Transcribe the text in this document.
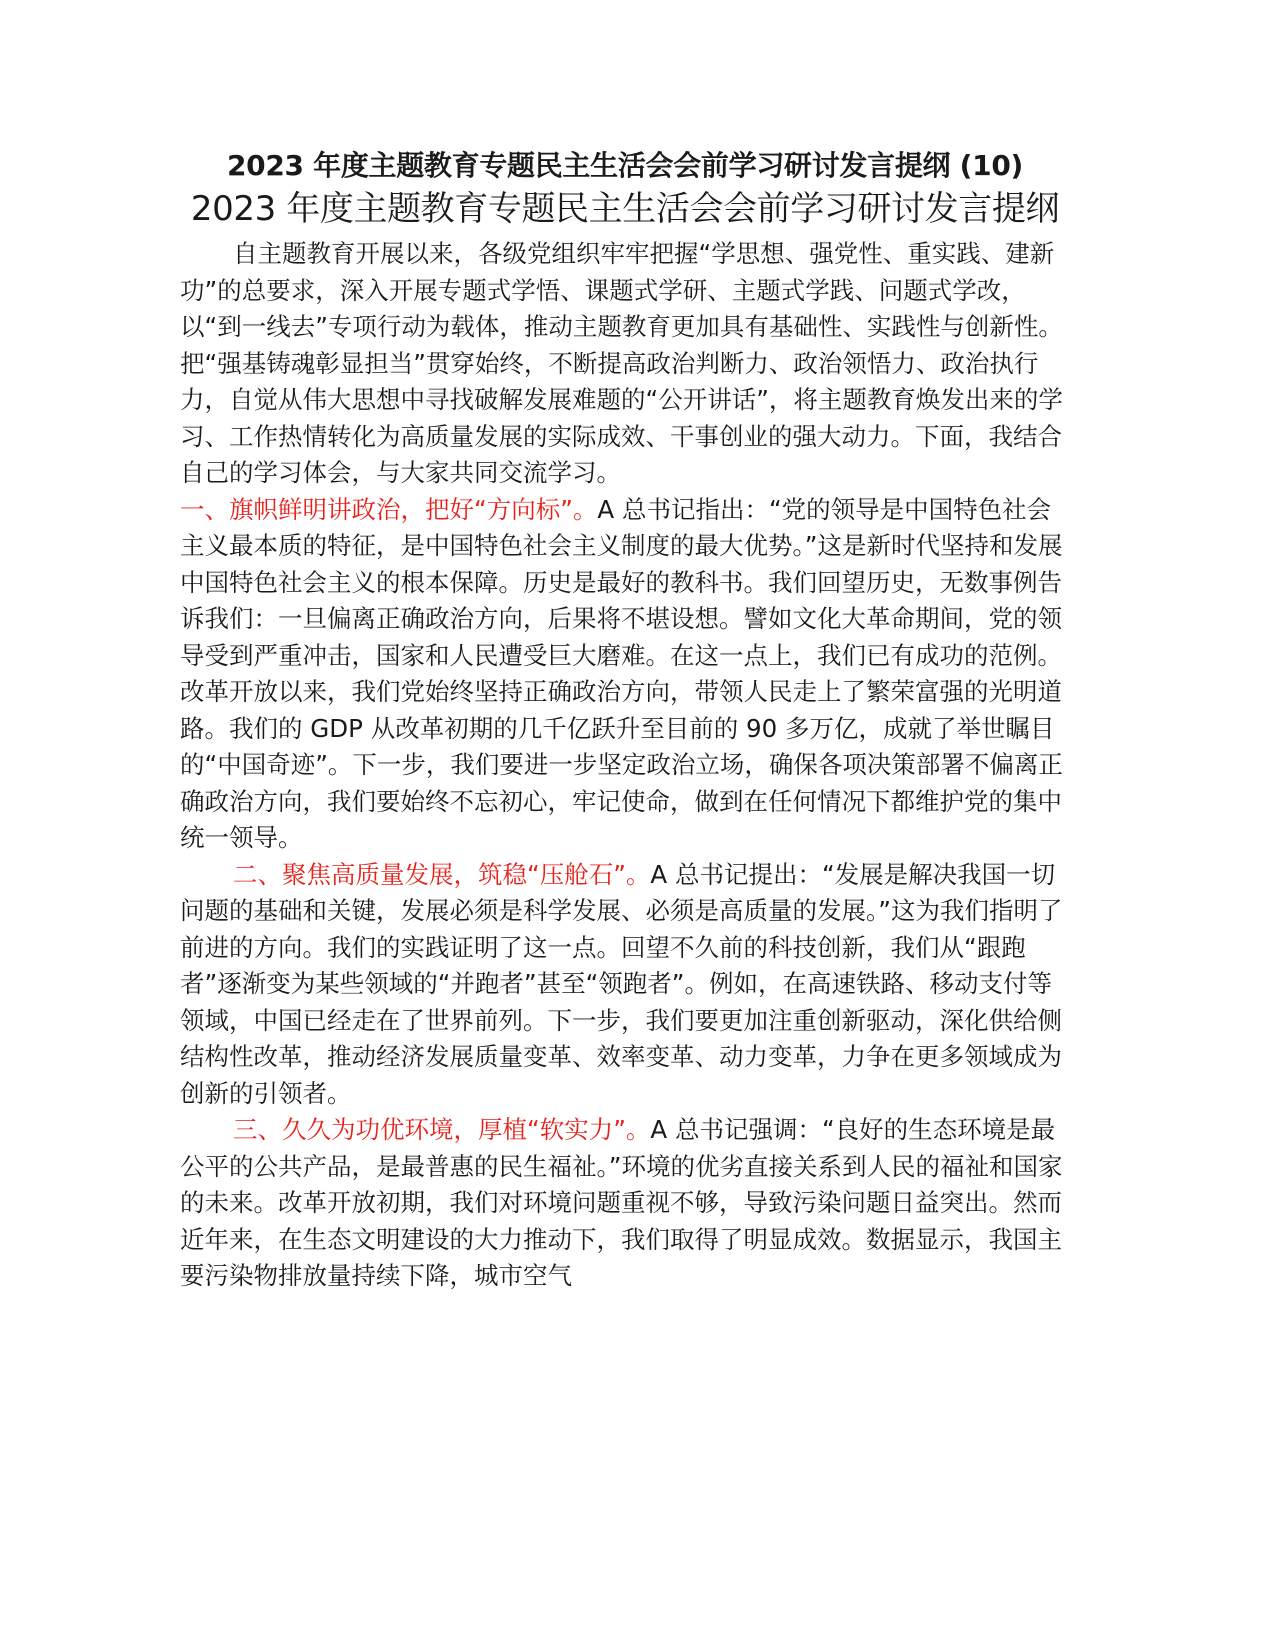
2023 年度主题教育专题民主生活会会前学习研讨发言提纲 (10)
2023 年度主题教育专题民主生活会会前学习研讨发言提纲

自主题教育开展以来，各级党组织牢牢把握“学思想、强党性、重实践、建新功”的总要求，深入开展专题式学悟、课题式学研、主题式学践、问题式学改，以“到一线去”专项行动为载体，推动主题教育更加具有基础性、实践性与创新性。把“强基铸魂彰显担当”贯穿始终，不断提高政治判断力、政治领悟力、政治执行力，自觉从伟大思想中寻找破解发展难题的“公开讲话”，将主题教育焕发出来的学习、工作热情转化为高质量发展的实际成效、干事创业的强大动力。下面，我结合自己的学习体会，与大家共同交流学习。

一、旗帜鲜明讲政治，把好“方向标”。A 总书记指出：“党的领导是中国特色社会主义最本质的特征，是中国特色社会主义制度的最大优势。”这是新时代坚持和发展中国特色社会主义的根本保障。历史是最好的教科书。我们回望历史，无数事例告诉我们：一旦偏离正确政治方向，后果将不堪设想。譬如文化大革命期间，党的领导受到严重冲击，国家和人民遭受巨大磨难。在这一点上，我们已有成功的范例。改革开放以来，我们党始终坚持正确政治方向，带领人民走上了繁荣富强的光明道路。我们的 GDP 从改革初期的几千亿跃升至目前的 90 多万亿，成就了举世瞩目的“中国奇迹”。下一步，我们要进一步坚定政治立场，确保各项决策部署不偏离正确政治方向，我们要始终不忘初心，牢记使命，做到在任何情况下都维护党的集中统一领导。

二、聚焦高质量发展，筑稳“压舱石”。A 总书记提出：“发展是解决我国一切问题的基础和关键，发展必须是科学发展、必须是高质量的发展。”这为我们指明了前进的方向。我们的实践证明了这一点。回望不久前的科技创新，我们从“跟跑者”逐渐变为某些领域的“并跑者”甚至“领跑者”。例如，在高速铁路、移动支付等领域，中国已经走在了世界前列。下一步，我们要更加注重创新驱动，深化供给侧结构性改革，推动经济发展质量变革、效率变革、动力变革，力争在更多领域成为创新的引领者。

三、久久为功优环境，厚植“软实力”。A 总书记强调：“良好的生态环境是最公平的公共产品，是最普惠的民生福祉。”环境的优劣直接关系到人民的福祉和国家的未来。改革开放初期，我们对环境问题重视不够，导致污染问题日益突出。然而近年来，在生态文明建设的大力推动下，我们取得了明显成效。数据显示，我国主要污染物排放量持续下降，城市空气
